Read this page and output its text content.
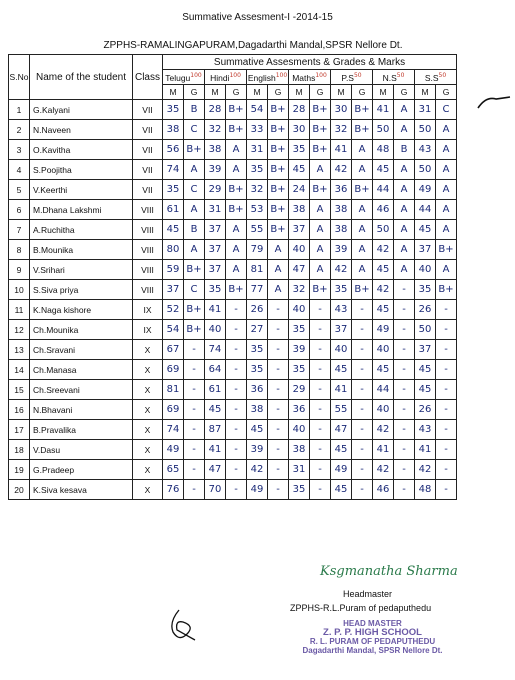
Summative Assesment-I -2014-15
ZPPHS-RAMALINGAPURAM,Dagadarthi Mandal,SPSR Nellore Dt.
S.No	Name of the student	Class	Summative Assesments & Grades & Marks													
			Telugu$^{100}$		Hindi$^{100}$		English$^{100}$		Maths$^{100}$		$P.S^{50}$		$N.S^{50}$		$S.S^{50}$
			M	G	M	G	M	G	M	G	M	G	M	G	M	G
1	G.Kalyani	VII	35	B	28	B+	54	B+	28	B+	30	B+	41	A	31	C
2	N.Naveen	VII	38	C	32	B+	33	B+	30	B+	32	B+	50	A	50	A
3	O.Kavitha	VII	56	B+	38	A	31	B+	35	B+	41	A	48	B	43	A
4	S.Poojitha	VII	74	A	39	A	35	B+	45	A	42	A	45	A	50	A
5	V.Keerthi	VII	35	C	29	B+	32	B+	24	B+	36	B+	44	A	49	A
6	M.Dhana Lakshmi	VIII	61	A	31	B+	53	B+	38	A	38	A	46	A	44	A
7	A.Ruchitha	VIII	45	B	37	A	55	B+	37	A	38	A	50	A	45	A
8	B.Mounika	VIII	80	A	37	A	79	A	40	A	39	A	42	A	37	B+
9	V.Srihari	VIII	59	B+	37	A	81	A	47	A	42	A	45	A	40	A
10	S.Siva priya	VIII	37	C	35	B+	77	A	32	B+	35	B+	42	-	35	B+
11	K.Naga kishore	IX	52	B+	41	-	26	-	40	-	43	-	45	-	26	-
12	Ch.Mounika	IX	54	B+	40	-	27	-	35	-	37	-	49	-	50	-
13	Ch.Sravani	X	67	-	74	-	35	-	39	-	40	-	40	-	37	-
14	Ch.Manasa	X	69	-	64	-	35	-	35	-	45	-	45	-	45	-
15	Ch.Sreevani	X	81	-	61	-	36	-	29	-	41	-	44	-	45	-
16	N.Bhavani	X	69	-	45	-	38	-	36	-	55	-	40	-	26	-
17	B.Pravalika	X	74	-	87	-	45	-	40	-	47	-	42	-	43	-
18	V.Dasu	X	49	-	41	-	39	-	38	-	45	-	41	-	41	-
19	G.Pradeep	X	65	-	47	-	42	-	31	-	49	-	42	-	42	-
20	K.Siva kesava	X	76	-	70	-	49	-	35	-	45	-	46	-	48	-
Ksgmanatha Sharma
Headmaster
ZPPHS-R.L.Puram of pedaputhedu
HEAD MASTER
Z. P. P. HIGH SCHOOL
R. L. PURAM OF PEDAPUTHEDU
Dagadarthi Mandal, SPSR Nellore Dt.
